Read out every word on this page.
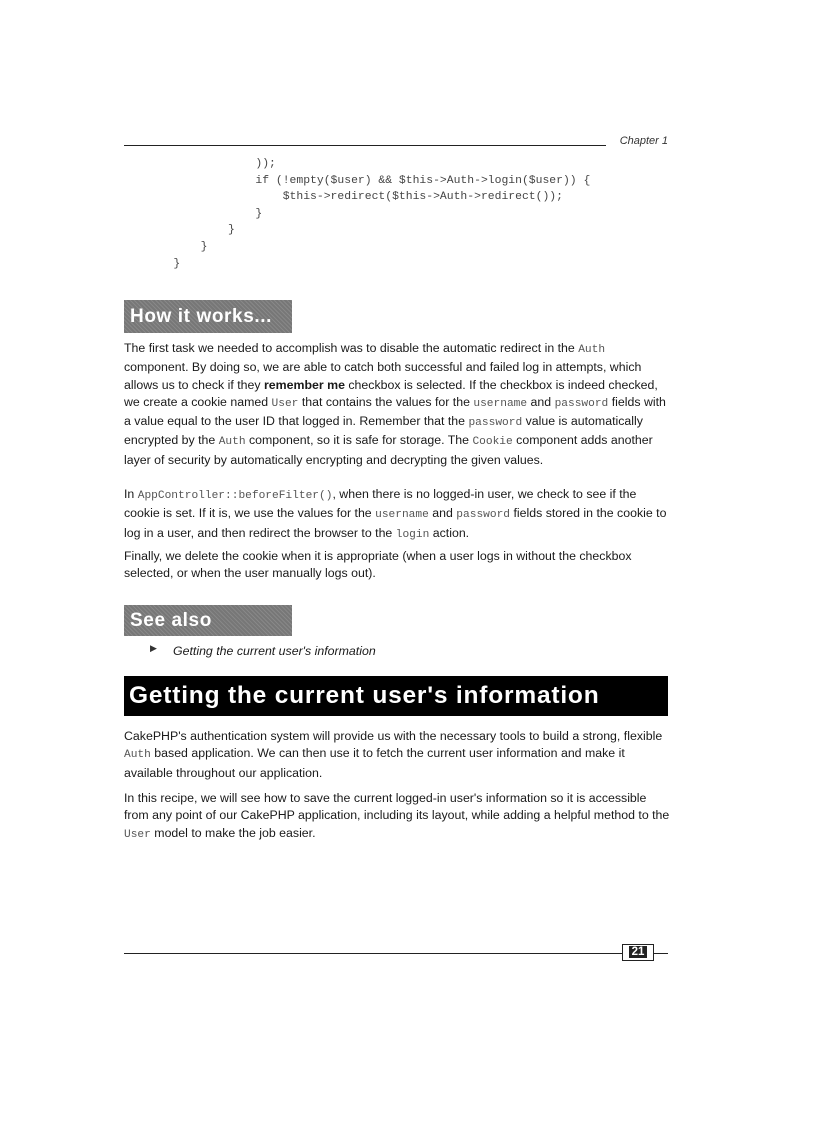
Chapter 1
));
if (!empty($user) && $this->Auth->login($user)) {
$this->redirect($this->Auth->redirect());
}
}
}
}
How it works...

The first task we needed to accomplish was to disable the automatic redirect in the Auth component. By doing so, we are able to catch both successful and failed log in attempts, which allows us to check if they remember me checkbox is selected. If the checkbox is indeed checked, we create a cookie named User that contains the values for the username and password fields with a value equal to the user ID that logged in. Remember that the password value is automatically encrypted by the Auth component, so it is safe for storage. The Cookie component adds another layer of security by automatically encrypting and decrypting the given values.

In AppController::beforeFilter(), when there is no logged-in user, we check to see if the cookie is set. If it is, we use the values for the username and password fields stored in the cookie to log in a user, and then redirect the browser to the login action.

Finally, we delete the cookie when it is appropriate (when a user logs in without the checkbox selected, or when the user manually logs out).

See also
▶ Getting the current user's information
Getting the current user's information

CakePHP's authentication system will provide us with the necessary tools to build a strong, flexible Auth based application. We can then use it to fetch the current user information and make it available throughout our application.

In this recipe, we will see how to save the current logged-in user's information so it is accessible from any point of our CakePHP application, including its layout, while adding a helpful method to the User model to make the job easier.

21
